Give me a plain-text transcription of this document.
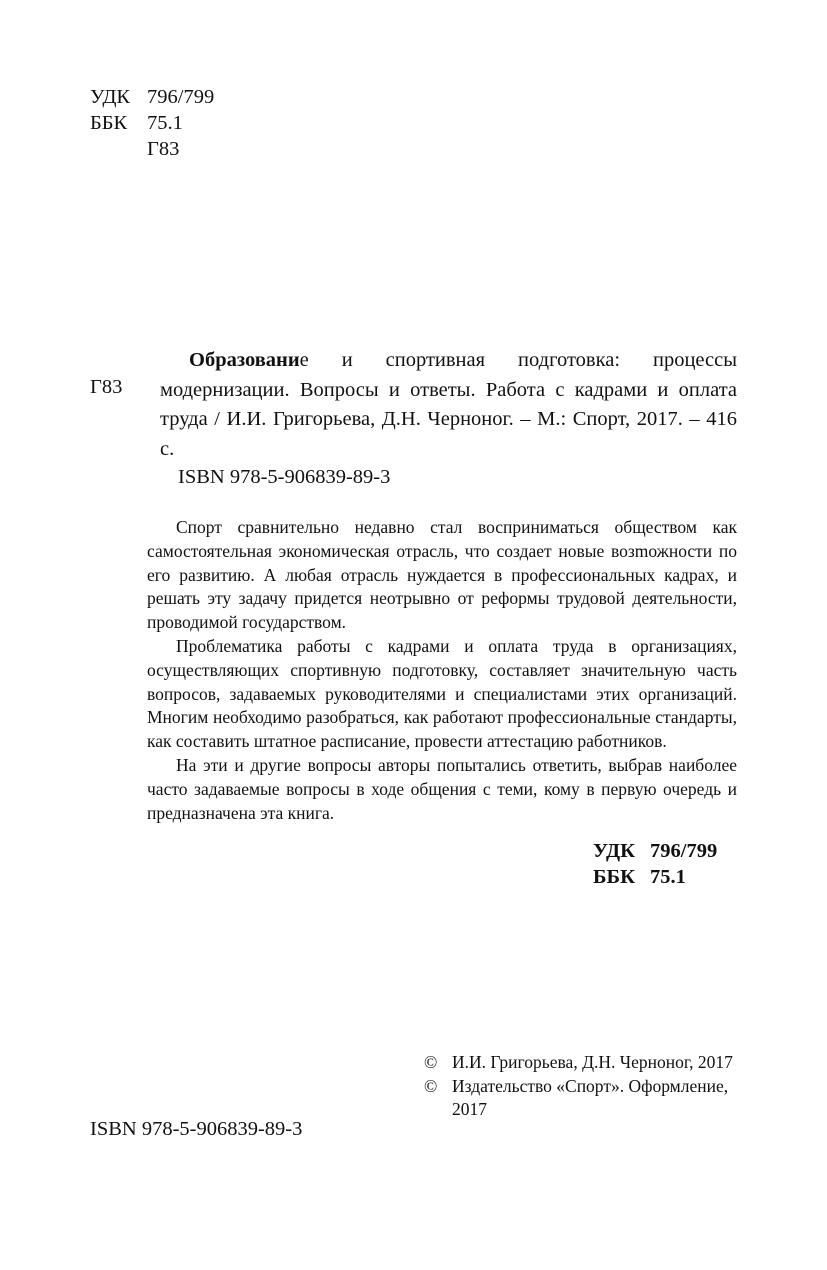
УДК 796/799
ББК 75.1
Г83
Г83

Образование и спортивная подготовка: процессы модернизации. Вопросы и ответы. Работа с кадрами и оплата труда / И.И. Григорьева, Д.Н. Черноног. – М.: Спорт, 2017. – 416 с.

ISBN 978-5-906839-89-3

Спорт сравнительно недавно стал восприниматься обществом как самостоятельная экономическая отрасль, что создает новые возmожности по его развитию. А любая отрасль нуждается в профессиональных кадрах, и решать эту задачу придется неотрывно от реформы трудовой деятельности, проводимой государством.

Проблематика работы с кадрами и оплата труда в организациях, осуществляющих спортивную подготовку, составляет значительную часть вопросов, задаваемых руководителями и специалистами этих организаций. Многим необходимо разобраться, как работают профессиональные стандарты, как составить штатное расписание, провести аттестацию работников.

На эти и другие вопросы авторы попытались ответить, выбрав наиболее часто задаваемые вопросы в ходе общения с теми, кому в первую очередь и предназначена эта книга.

УДК 796/799
ББК 75.1
© И.И. Григорьева, Д.Н. Черноног, 2017
© Издательство «Спорт». Оформление, 2017
ISBN 978-5-906839-89-3
